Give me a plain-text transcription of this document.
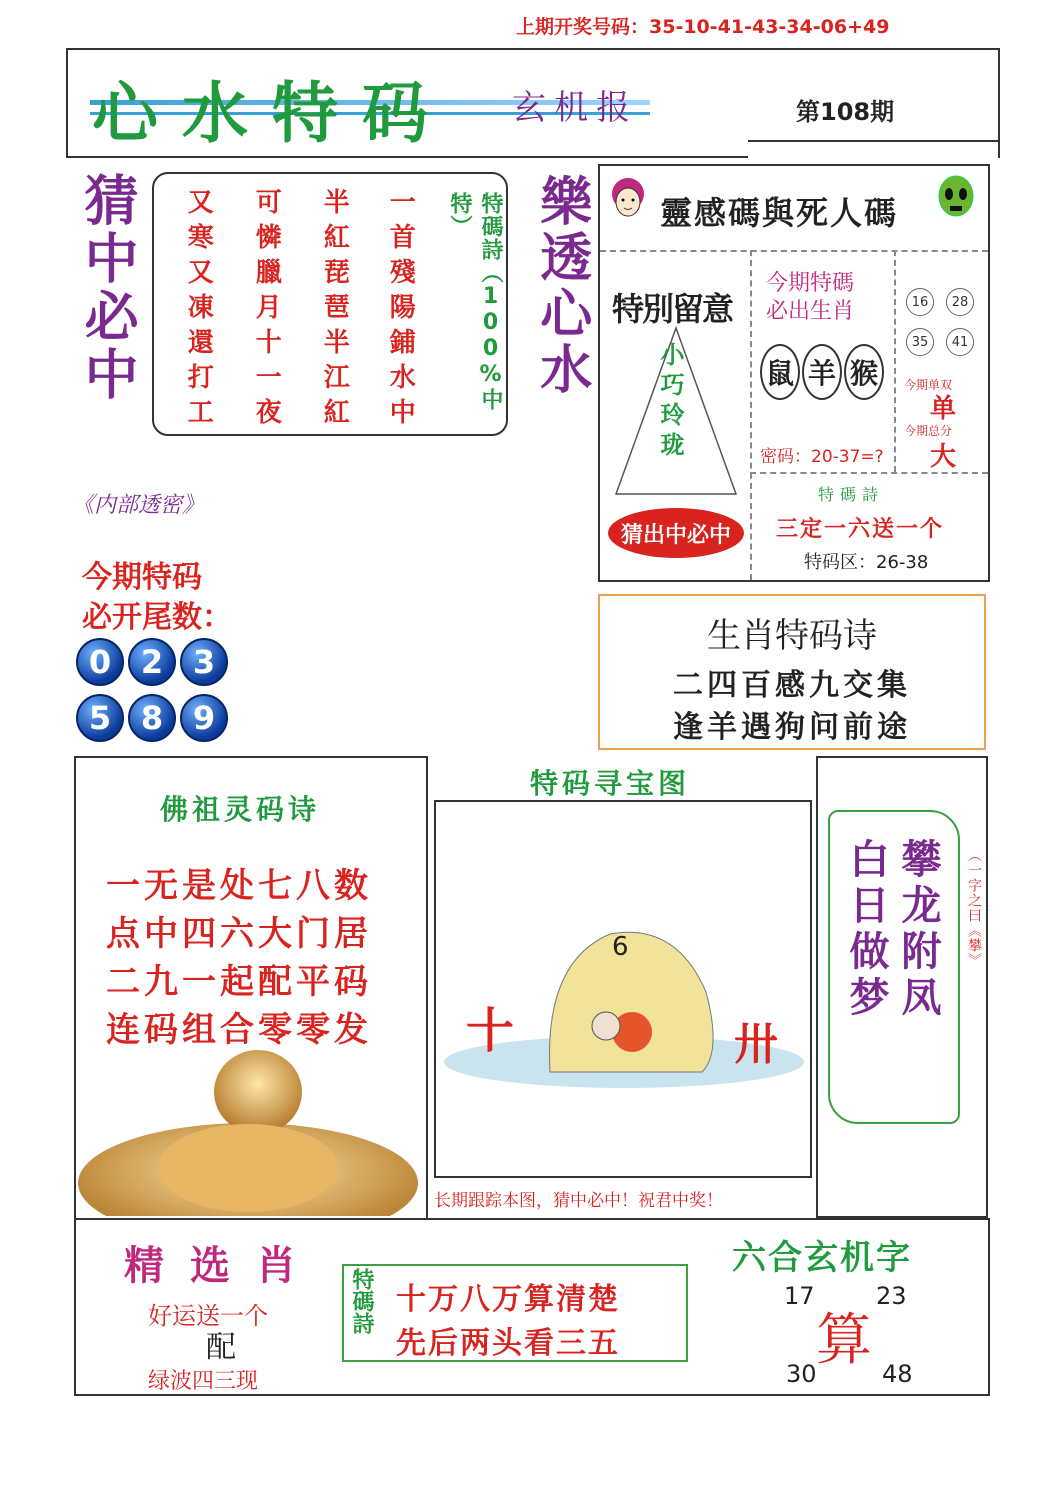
上期开奖号码：35-10-41-43-34-06+49
心水特码 玄机报	第108期
猜中必中 又寒又凍還打工 可憐臘月十一夜 半紅琵琶半江紅 一首殘陽鋪水中	特碼詩（100%中特）	樂透心水 靈感碼與死人碼
特別留意
小巧玲珑
猜出中必中
今期特碼
必出生肖
鼠 羊 猴
密码：20-37=?
16	28
35	41
今期单双
单
今期总分
大
特碼詩
三定一六送一个
特码区：26-38
《内部透密》
今期特码
必开尾数：
0 2 3
5 8 9
生肖特码诗
二四百感九交集
逢羊遇狗问前途
佛祖灵码诗
一无是处七八数
点中四六大门居
二九一起配平码
连码组合零零发
特码寻宝图
十	卅
6
长期跟踪本图，猜中必中！祝君中奖！
白日做梦 攀龙附凤 （一字之曰《攀》
精选肖
好运送一个
配
绿波四三现
特碼詩 十万八万算清楚
先后两头看三五
六合玄机字
17	23
30	48
算
